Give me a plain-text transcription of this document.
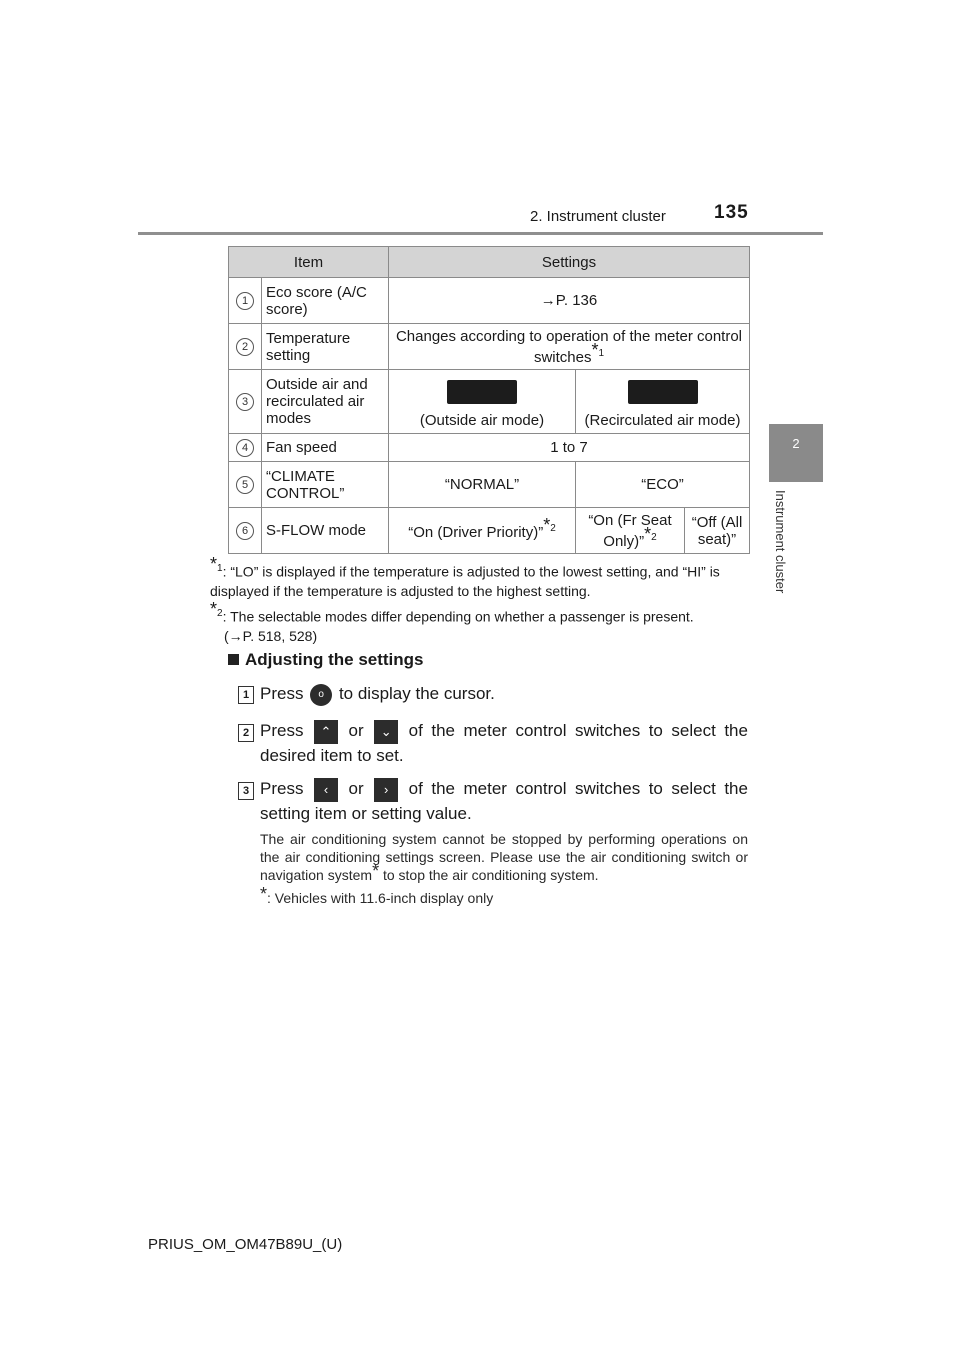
2. Instrument cluster	135
2
Instrument cluster
Item		Settings		
1	Eco score (A/C score)	→P. 136		
2	Temperature setting	Changes according to operation of the meter control switches*$^1$
3	Outside air and recirculated air modes	(Outside air mode)	(Recirculated air mode)	
4	Fan speed	1 to 7		
5	“CLIMATE CONTROL”	“NORMAL”	“ECO”	
6	S-FLOW mode	“On (Driver Priority)”*$^2$	“On (Fr Seat Only)”*$^2$	“Off (All seat)”
*$^1$: “LO” is displayed if the temperature is adjusted to the lowest setting, and “HI” is displayed if the temperature is adjusted to the highest setting.
*$^2$: The selectable modes differ depending on whether a passenger is present.
(→P. 518, 528)
Adjusting the settings
1 Press o to display the cursor.
2 Press ⌃ or ⌄ of the meter control switches to select the desired item to set.
3 Press ‹ or › of the meter control switches to select the setting item or setting value.
The air conditioning system cannot be stopped by performing operations on the air conditioning settings screen. Please use the air conditioning switch or navigation system* to stop the air conditioning system.
*: Vehicles with 11.6-inch display only
PRIUS_OM_OM47B89U_(U)
